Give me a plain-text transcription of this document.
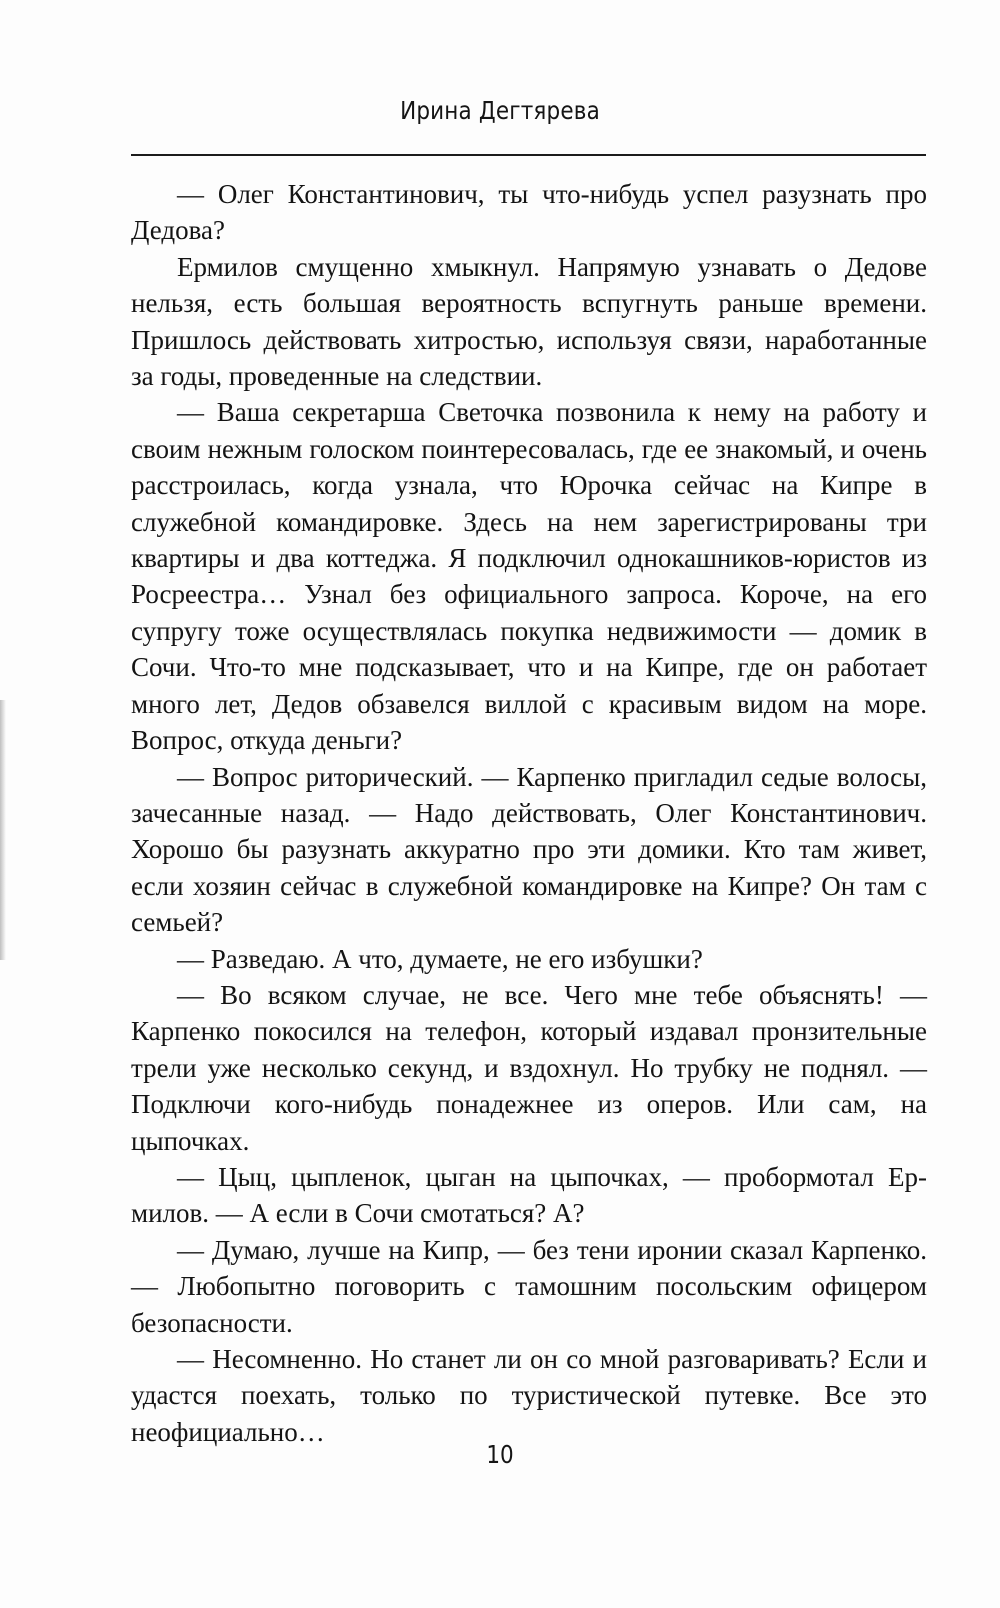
Ирина Дегтярева

— Олег Константинович, ты что-нибудь успел разузнать про Дедова?

Ермилов смущенно хмыкнул. Напрямую узнавать о Дедове нельзя, есть большая вероятность вспугнуть раньше времени. Пришлось действовать хитростью, используя связи, наработанные за годы, проведенные на следствии.

— Ваша секретарша Светочка позвонила к нему на работу и своим нежным голоском поинтересовалась, где ее знакомый, и очень расстроилась, когда узнала, что Юрочка сейчас на Кипре в служебной командировке. Здесь на нем зарегистрированы три квартиры и два коттеджа. Я подключил однокашников-юристов из Росреестра… Узнал без официального запроса. Короче, на его супругу тоже осуществлялась покупка недвижимости — домик в Сочи. Что-то мне подсказывает, что и на Кипре, где он работает много лет, Дедов обзавелся виллой с красивым видом на море. Вопрос, откуда деньги?

— Вопрос риторический. — Карпенко пригладил седые волосы, зачесанные назад. — Надо действовать, Олег Константинович. Хорошо бы разузнать аккуратно про эти домики. Кто там живет, если хозяин сейчас в служебной командировке на Кипре? Он там с семьей?

— Разведаю. А что, думаете, не его избушки?

— Во всяком случае, не все. Чего мне тебе объяснять! — Карпенко покосился на телефон, который издавал пронзительные трели уже несколько секунд, и вздохнул. Но трубку не поднял. — Подключи кого-нибудь понадежнее из оперов. Или сам, на цыпочках.

— Цыц, цыпленок, цыган на цыпочках, — пробормотал Ермилов. — А если в Сочи смотаться? А?

— Думаю, лучше на Кипр, — без тени иронии сказал Карпенко. — Любопытно поговорить с тамошним посольским офицером безопасности.

— Несомненно. Но станет ли он со мной разговаривать? Если и удастся поехать, только по туристической путевке. Все это неофициально…

10
